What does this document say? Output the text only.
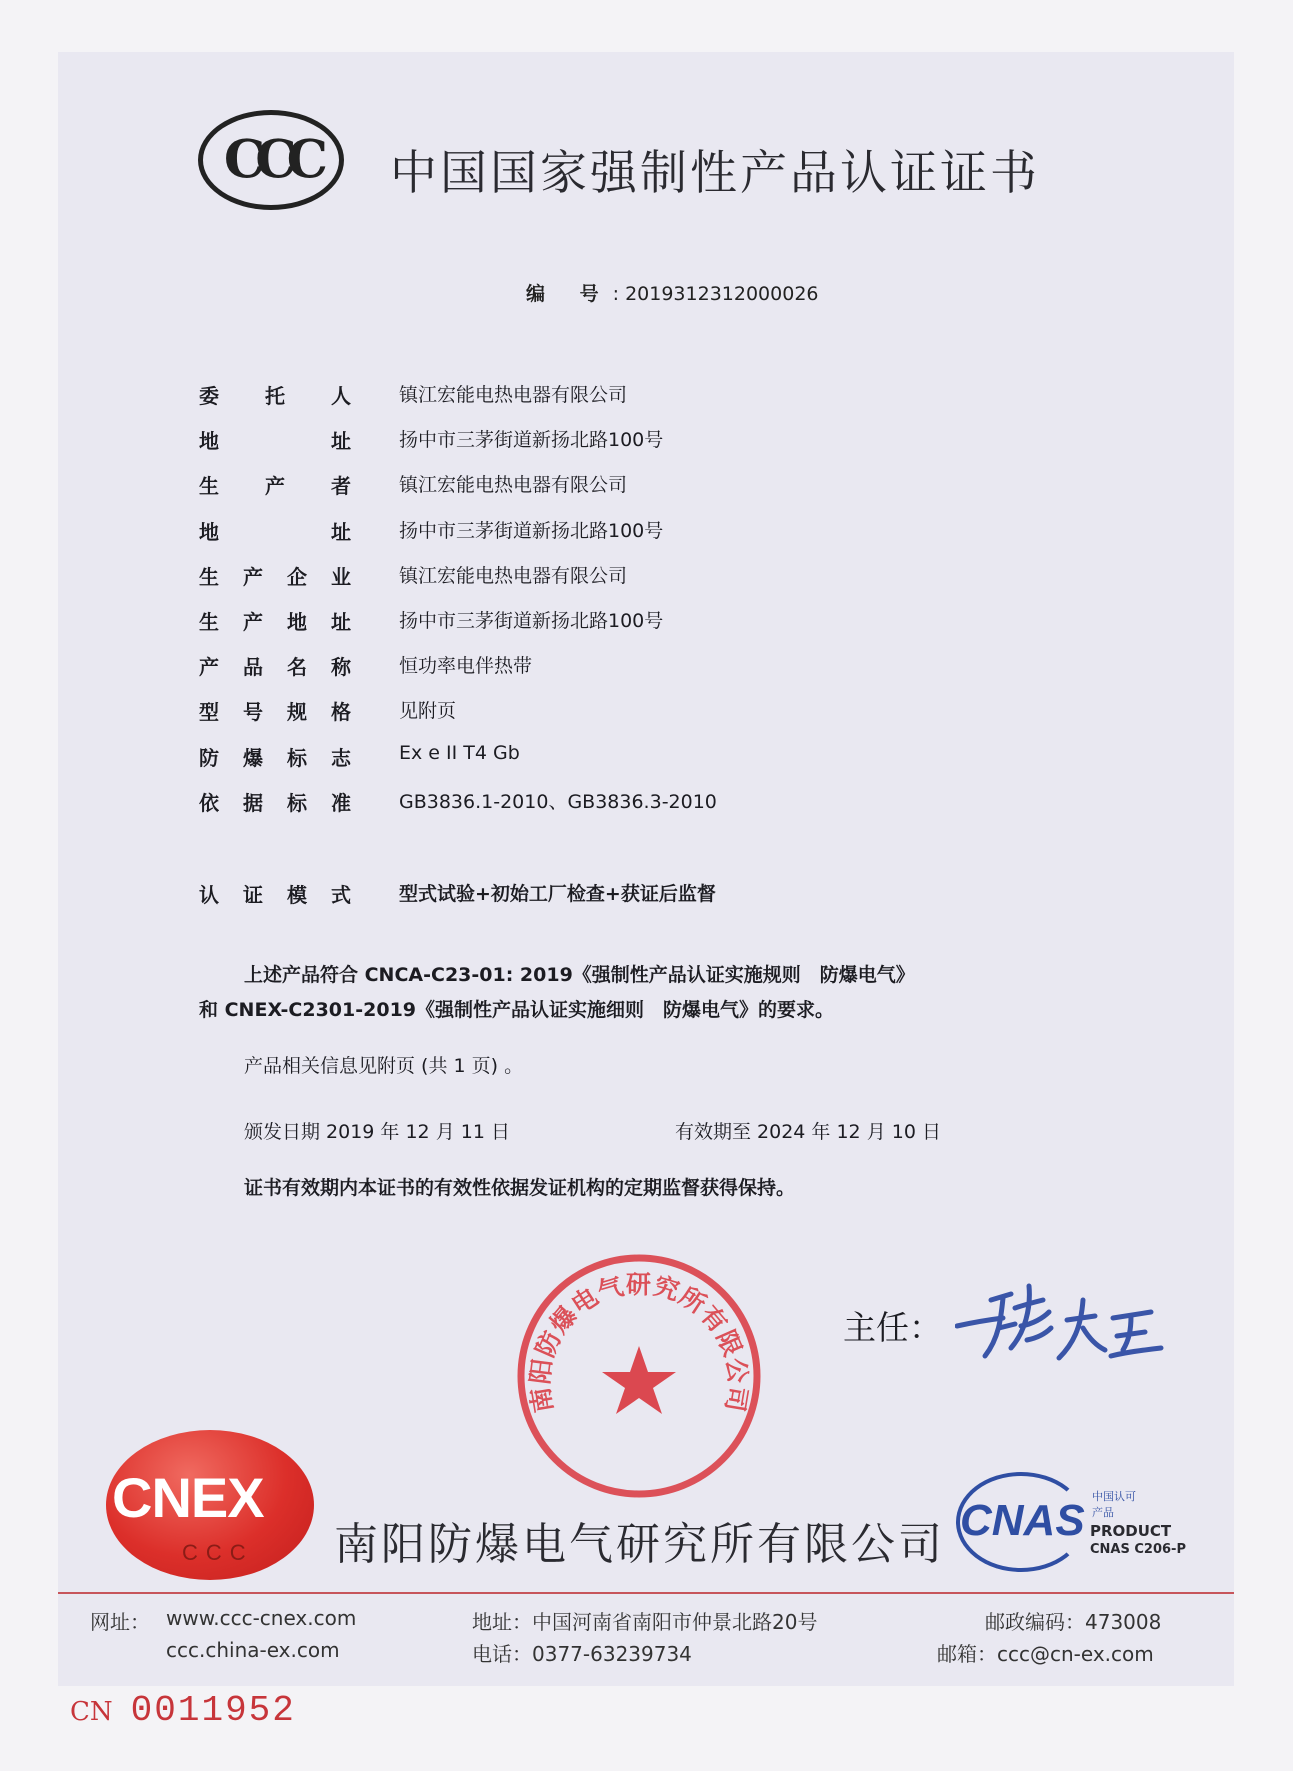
CCC	中国国家强制性产品认证证书
编 号: 2019312312000026
委托人	镇江宏能电热电器有限公司
地址	扬中市三茅街道新扬北路100号
生产者	镇江宏能电热电器有限公司
地址	扬中市三茅街道新扬北路100号
生产企业	镇江宏能电热电器有限公司
生产地址	扬中市三茅街道新扬北路100号
产品名称	恒功率电伴热带
型号规格	见附页
防爆标志	Ex e II T4 Gb
依据标准	GB3836.1-2010、GB3836.3-2010
认证模式	型式试验+初始工厂检查+获证后监督
上述产品符合 CNCA-C23-01: 2019《强制性产品认证实施规则　防爆电气》
和 CNEX-C2301-2019《强制性产品认证实施细则　防爆电气》的要求。
产品相关信息见附页 (共 1 页) 。
颁发日期 2019 年 12 月 11 日	有效期至 2024 年 12 月 10 日
证书有效期内本证书的有效性依据发证机构的定期监督获得保持。
主任：
南阳防爆电气研究所有限公司
CNEX
CCC 南阳防爆电气研究所有限公司 CNAS 中国认可
产品
PRODUCT
CNAS C206-P
网址： www.ccc-cnex.com
ccc.china-ex.com
地址：中国河南省南阳市仲景北路20号
电话：0377-63239734
邮政编码：473008
邮箱：ccc@cn-ex.com
CN 0011952
